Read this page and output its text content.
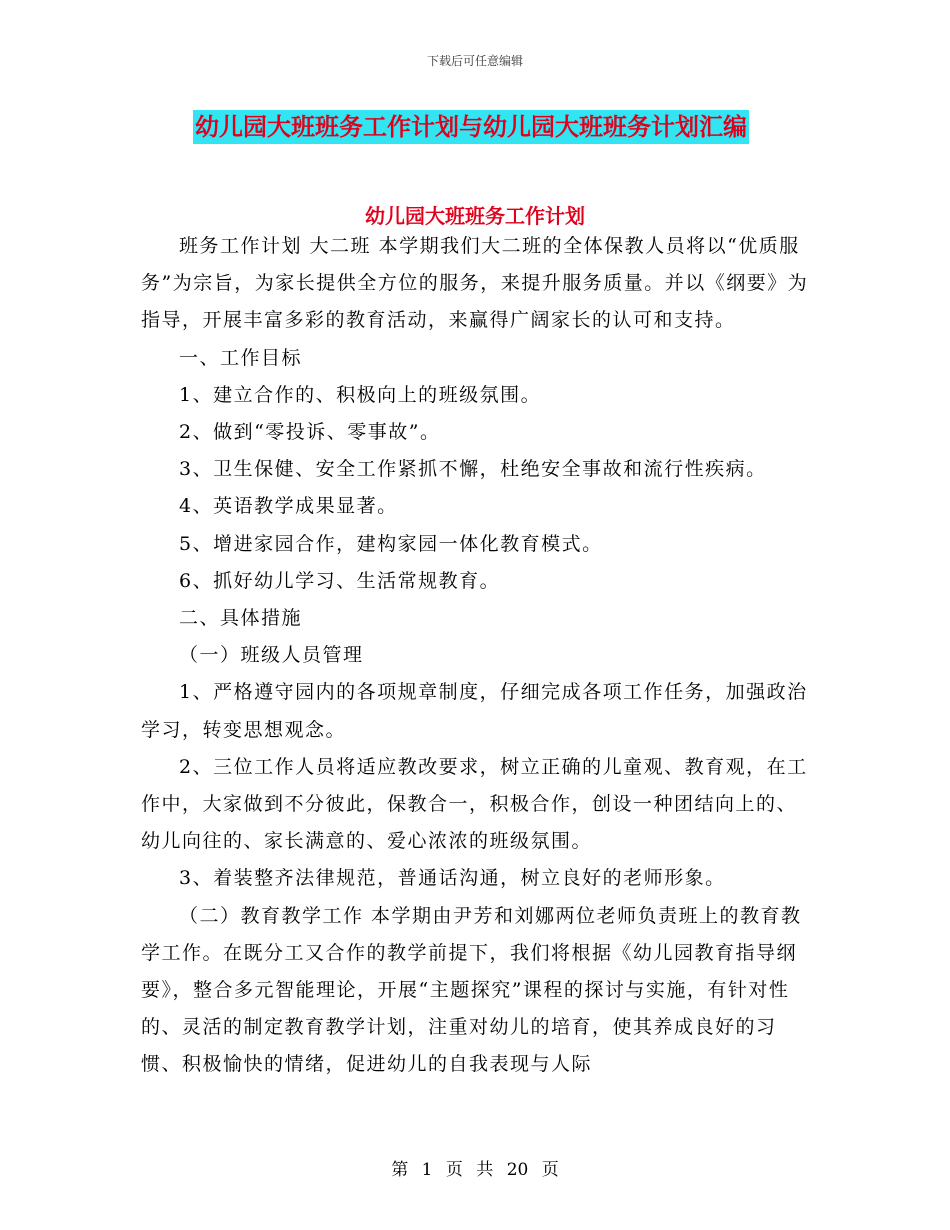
下载后可任意编辑
幼儿园大班班务工作计划与幼儿园大班班务计划汇编
幼儿园大班班务工作计划

班务工作计划 大二班 本学期我们大二班的全体保教人员将以“优质服务”为宗旨，为家长提供全方位的服务，来提升服务质量。并以《纲要》为指导，开展丰富多彩的教育活动，来赢得广阔家长的认可和支持。

一、工作目标

1、建立合作的、积极向上的班级氛围。

2、做到“零投诉、零事故”。

3、卫生保健、安全工作紧抓不懈，杜绝安全事故和流行性疾病。

4、英语教学成果显著。

5、增进家园合作，建构家园一体化教育模式。

6、抓好幼儿学习、生活常规教育。

二、具体措施

（一）班级人员管理

1、严格遵守园内的各项规章制度，仔细完成各项工作任务，加强政治学习，转变思想观念。

2、三位工作人员将适应教改要求，树立正确的儿童观、教育观，在工作中，大家做到不分彼此，保教合一，积极合作，创设一种团结向上的、幼儿向往的、家长满意的、爱心浓浓的班级氛围。

3、着装整齐法律规范，普通话沟通，树立良好的老师形象。

（二）教育教学工作 本学期由尹芳和刘娜两位老师负责班上的教育教学工作。在既分工又合作的教学前提下，我们将根据《幼儿园教育指导纲要》，整合多元智能理论，开展“主题探究”课程的探讨与实施，有针对性的、灵活的制定教育教学计划，注重对幼儿的培育，使其养成良好的习惯、积极愉快的情绪，促进幼儿的自我表现与人际

第 1 页 共 20 页
